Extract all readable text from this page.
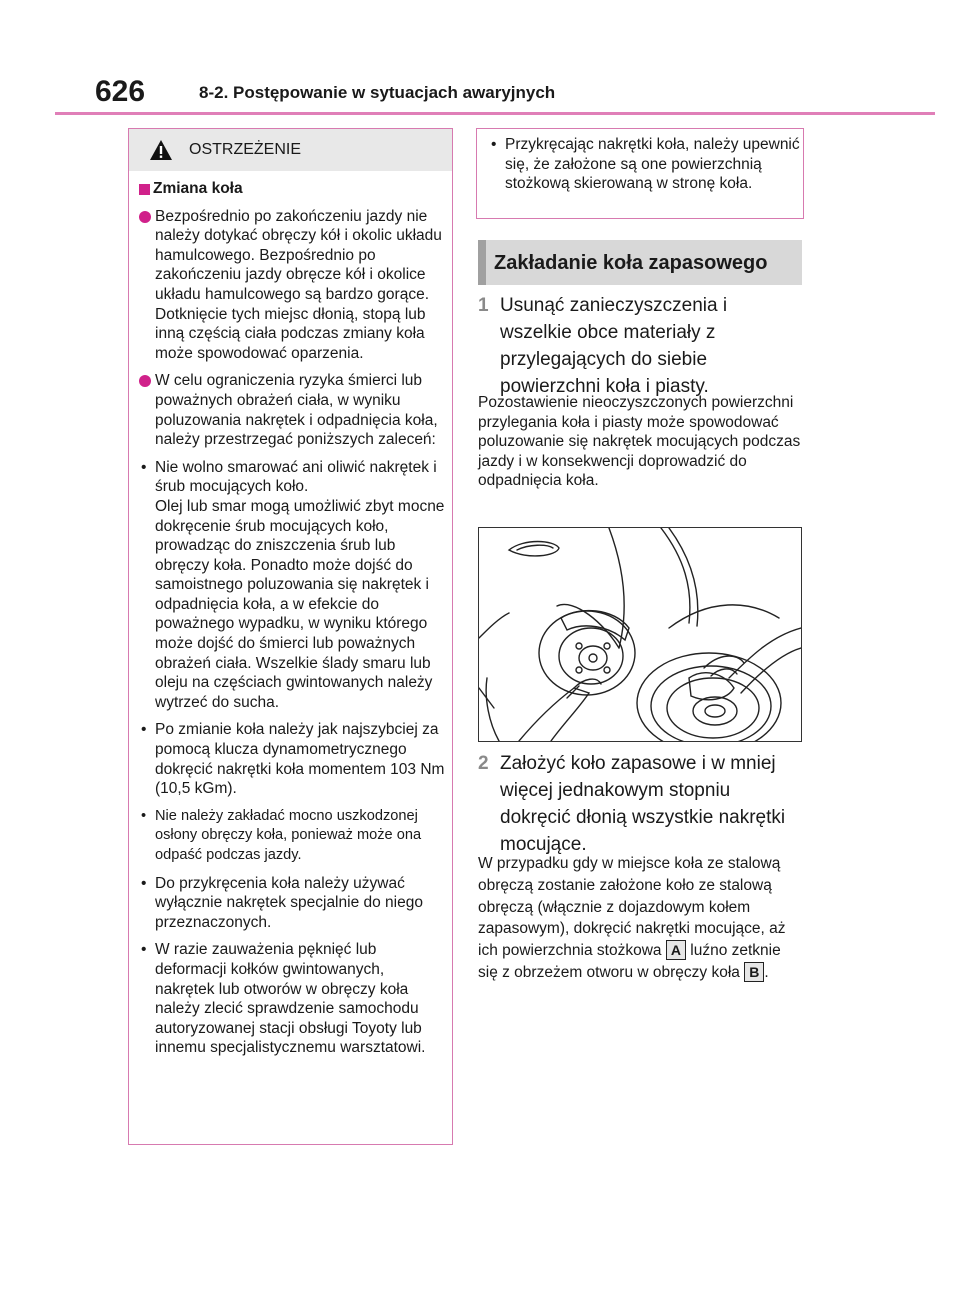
626	8-2. Postępowanie w sytuacjach awaryjnych
OSTRZEŻENIE
Zmiana koła
Bezpośrednio po zakończeniu jazdy nie należy dotykać obręczy kół i okolic układu hamulcowego. Bezpośrednio po zakończeniu jazdy obręcze kół i okolice układu hamulcowego są bardzo gorące. Dotknięcie tych miejsc dłonią, stopą lub inną częścią ciała podczas zmiany koła może spowodować oparzenia.
W celu ograniczenia ryzyka śmierci lub poważnych obrażeń ciała, w wyniku poluzowania nakrętek i odpadnięcia koła, należy przestrzegać poniższych zaleceń:
• Nie wolno smarować ani oliwić nakrętek i śrub mocujących koło.
Olej lub smar mogą umożliwić zbyt mocne dokręcenie śrub mocujących koło, prowadząc do zniszczenia śrub lub obręczy koła. Ponadto może dojść do samoistnego poluzowania się nakrętek i odpadnięcia koła, a w efekcie do poważnego wypadku, w wyniku którego może dojść do śmierci lub poważnych obrażeń ciała. Wszelkie ślady smaru lub oleju na częściach gwintowanych należy wytrzeć do sucha.
• Po zmianie koła należy jak najszybciej za pomocą klucza dynamometrycznego dokręcić nakrętki koła momentem 103 Nm (10,5 kGm).
• Nie należy zakładać mocno uszkodzonej osłony obręczy koła, ponieważ może ona odpaść podczas jazdy.
• Do przykręcenia koła należy używać wyłącznie nakrętek specjalnie do niego przeznaczonych.
• W razie zauważenia pęknięć lub deformacji kołków gwintowanych, nakrętek lub otworów w obręczy koła należy zlecić sprawdzenie samochodu autoryzowanej stacji obsługi Toyoty lub innemu specjalistycznemu warsztatowi.
• Przykręcając nakrętki koła, należy upewnić się, że założone są one powierzchnią stożkową skierowaną w stronę koła.
Zakładanie koła zapasowego
1 Usunąć zanieczyszczenia i wszelkie obce materiały z przylegających do siebie powierzchni koła i piasty.
Pozostawienie nieoczyszczonych powierzchni przylegania koła i piasty może spowodować poluzowanie się nakrętek mocujących podczas jazdy i w konsekwencji doprowadzić do odpadnięcia koła.
2 Założyć koło zapasowe i w mniej więcej jednakowym stopniu dokręcić dłonią wszystkie nakrętki mocujące.
W przypadku gdy w miejsce koła ze stalową obręczą zostanie założone koło ze stalową obręczą (włącznie z dojazdowym kołem zapasowym), dokręcić nakrętki mocujące, aż ich powierzchnia stożkowa A luźno zetknie się z obrzeżem otworu w obręczy koła B .
